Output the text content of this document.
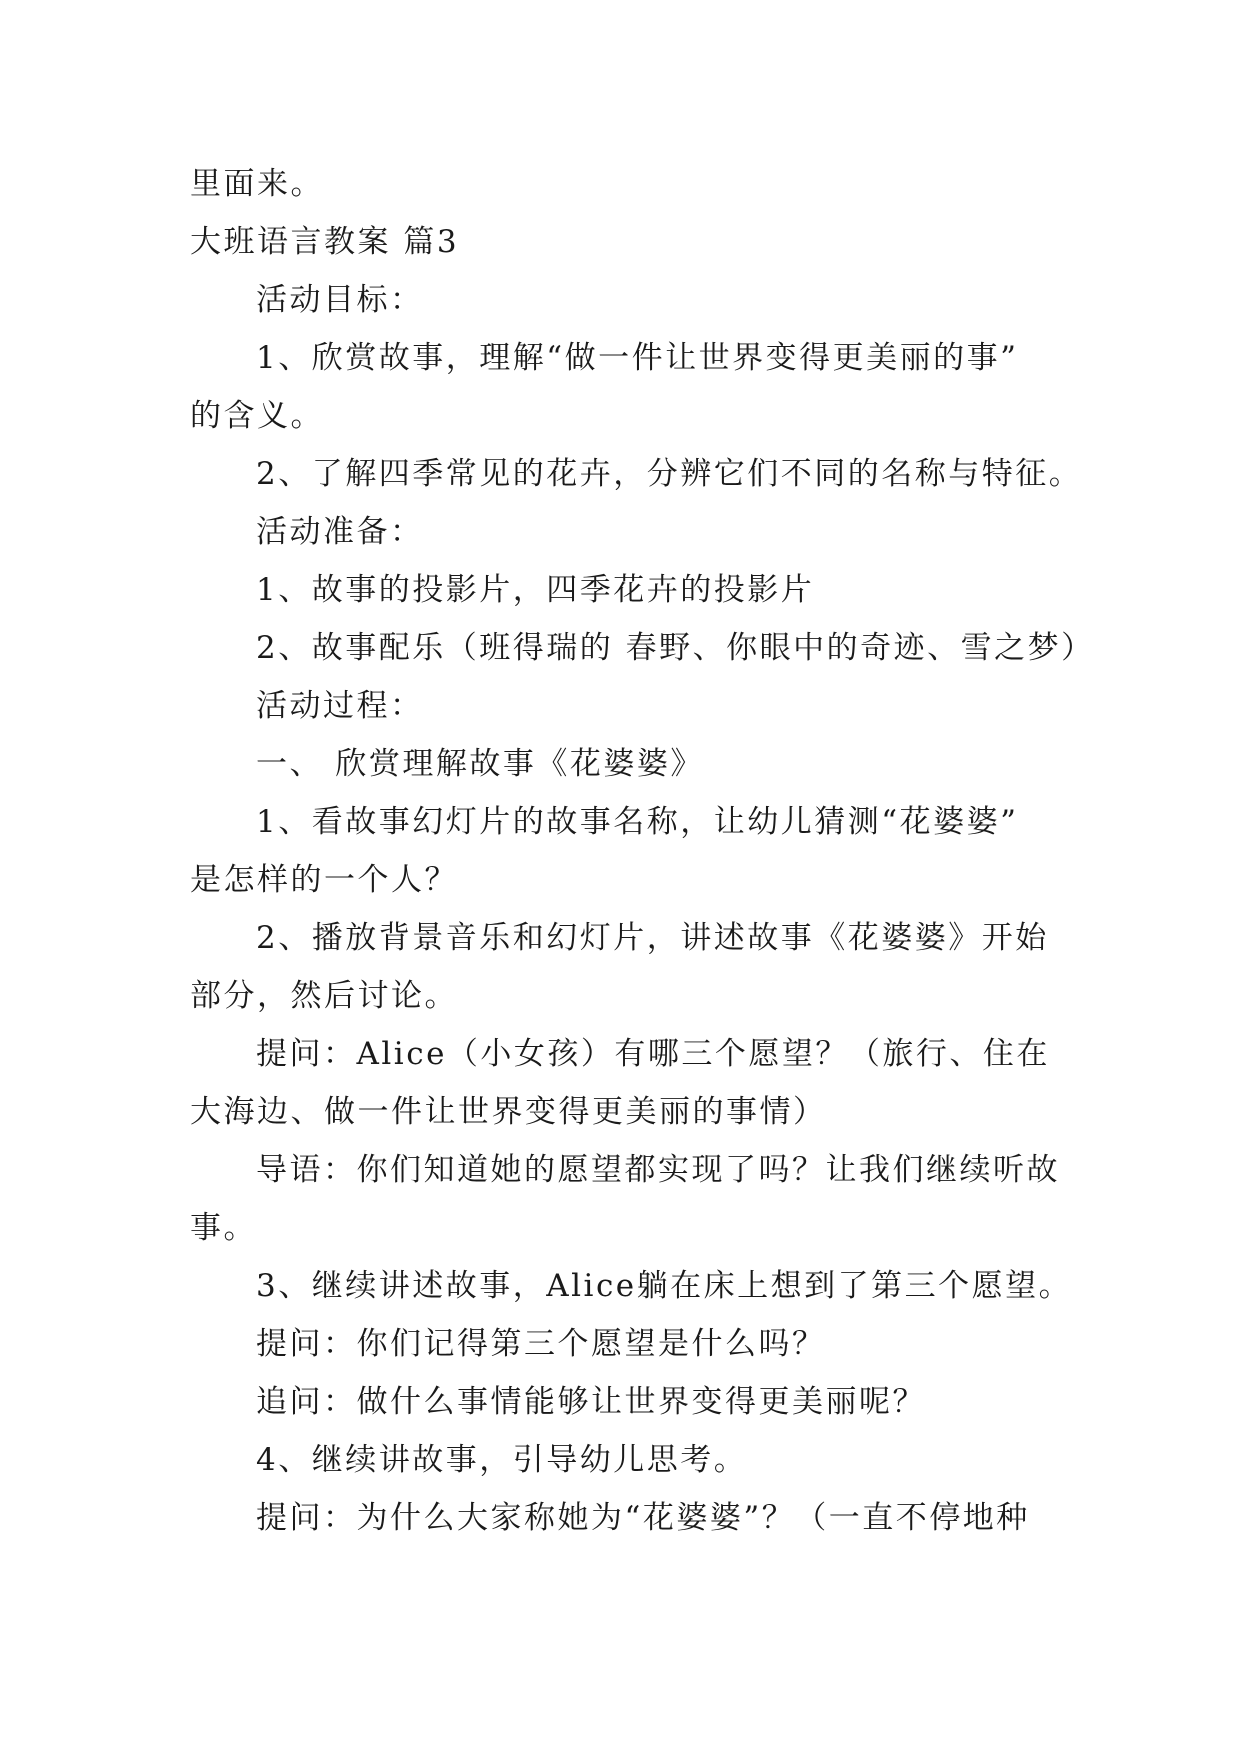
里面来。

大班语言教案 篇3

活动目标：

1、欣赏故事，理解“做一件让世界变得更美丽的事”

的含义。

2、了解四季常见的花卉，分辨它们不同的名称与特征。

活动准备：

1、故事的投影片，四季花卉的投影片

2、故事配乐（班得瑞的 春野、你眼中的奇迹、雪之梦）

活动过程：

一、 欣赏理解故事《花婆婆》

1、看故事幻灯片的故事名称，让幼儿猜测“花婆婆”

是怎样的一个人？

2、播放背景音乐和幻灯片，讲述故事《花婆婆》开始

部分，然后讨论。

提问：Alice（小女孩）有哪三个愿望？（旅行、住在

大海边、做一件让世界变得更美丽的事情）

导语：你们知道她的愿望都实现了吗？让我们继续听故

事。

3、继续讲述故事，Alice躺在床上想到了第三个愿望。

提问：你们记得第三个愿望是什么吗？

追问：做什么事情能够让世界变得更美丽呢？

4、继续讲故事，引导幼儿思考。

提问：为什么大家称她为“花婆婆”？（一直不停地种
